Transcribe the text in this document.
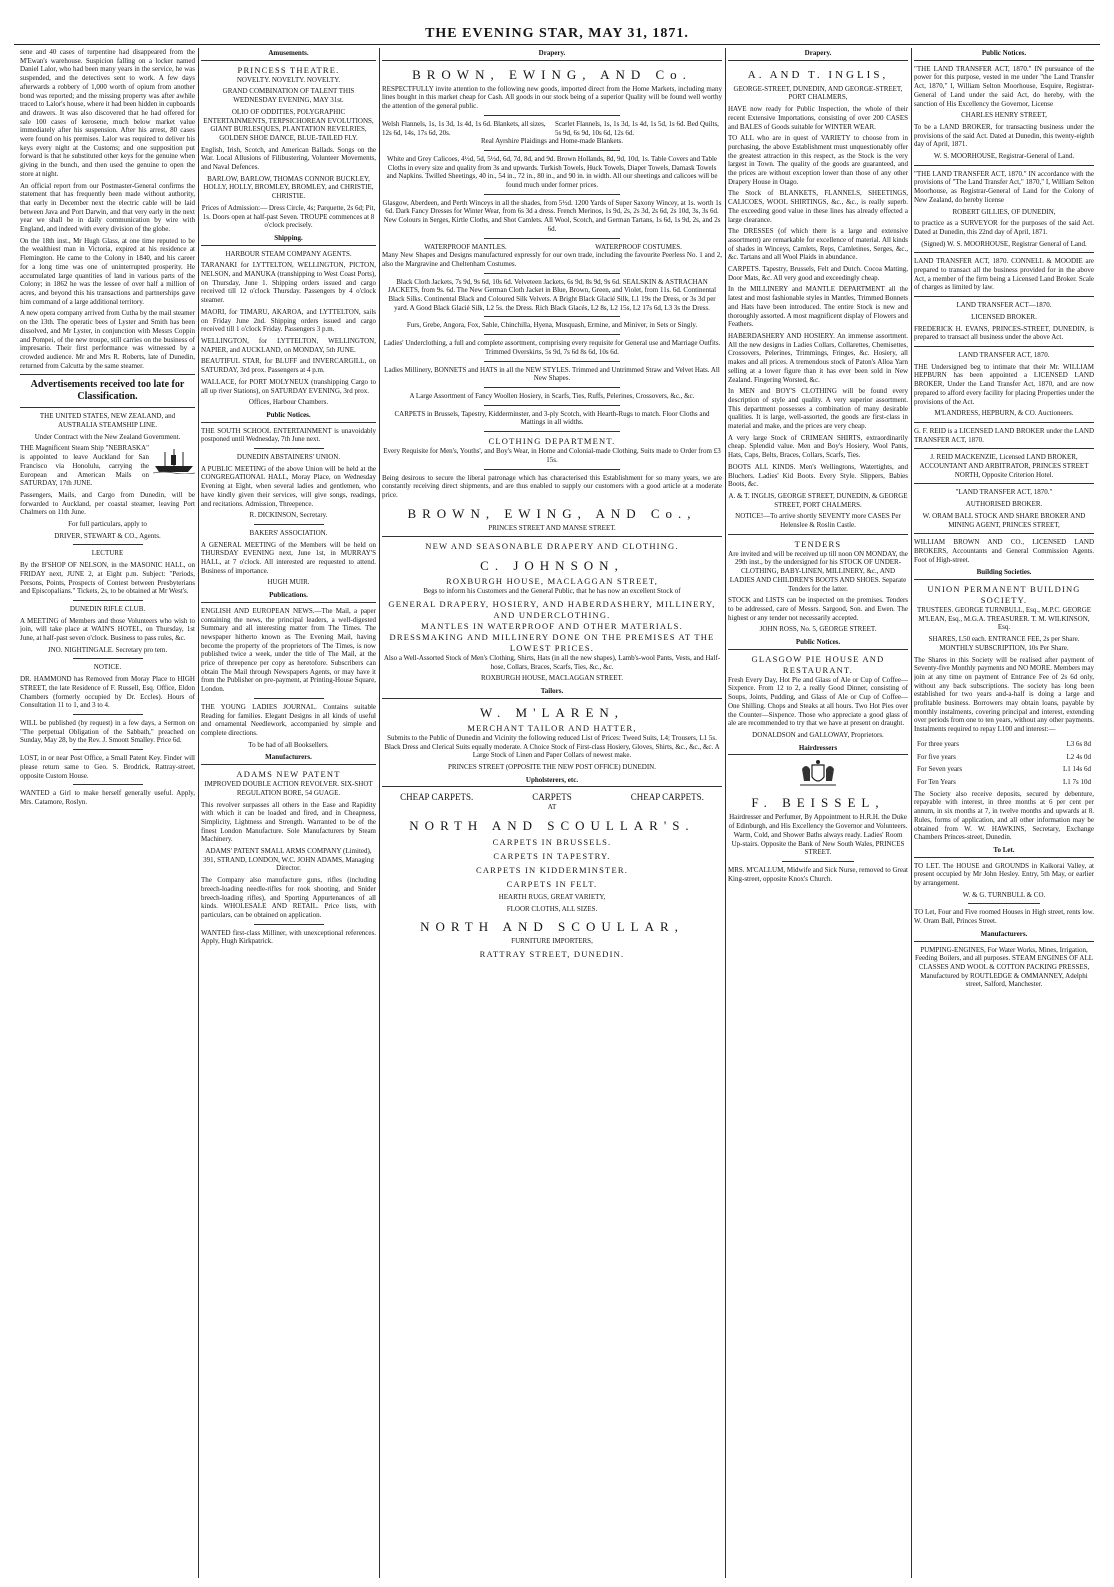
THE EVENING STAR, MAY 31, 1871.

sene and 40 cases of turpentine had disappeared from the M'Ewan's warehouse. Suspicion falling on a locker named Daniel Lalor, who had been many years in the service, he was suspended, and the detectives sent to work. A few days afterwards a robbery of 1,000 worth of opium from another bond was reported; and the missing property was after awhile traced to Lalor's house, where it had been hidden in cupboards and drawers. It was also discovered that he had offered for sale 100 cases of kerosene, much below market value immediately after his suspension. After his arrest, 80 cases were found on his premises. Lalor was required to deliver his keys every night at the Customs; and one supposition put forward is that he substituted other keys for the genuine when giving in the bunch, and then used the genuine to open the store at night.

An official report from our Postmaster-General confirms the statement that has frequently been made without authority, that early in December next the electric cable will be laid between Java and Port Darwin, and that very early in the next year we shall be in daily communication by wire with England, and indeed with every division of the globe.

On the 18th inst., Mr Hugh Glass, at one time reputed to be the wealthiest man in Victoria, expired at his residence at Flemington. He came to the Colony in 1840, and his career for a long time was one of uninterrupted prosperity. He accumulated large quantities of land in various parts of the Colony; in 1862 he was the lessee of over half a million of acres, and beyond this his transactions and partnerships gave him command of a large additional territory.

A new opera company arrived from Cutha by the mail steamer on the 13th. The operatic bees of Lyster and Smith has been dissolved, and Mr Lyster, in conjunction with Messrs Coppin and Pompei, of the new troupe, still carries on the business of impresario. Their first performance was witnessed by a crowded audience. Mr and Mrs R. Roberts, late of Dunedin, returned from Calcutta by the same steamer.

Advertisements received too late for Classification.

THE UNITED STATES, NEW ZEALAND, and AUSTRALIA STEAMSHIP LINE.

Under Contract with the New Zealand Government.

THE Magnificent Steam Ship "NEBRASKA" is appointed to leave Auckland for San Francisco via Honolulu, carrying the European and American Mails on SATURDAY, 17th JUNE.

Passengers, Mails, and Cargo from Dunedin, will be forwarded to Auckland, per coastal steamer, leaving Port Chalmers on 11th June.

For full particulars, apply to

DRIVER, STEWART & CO., Agents.

LECTURE

By the B'SHOP OF NELSON, in the MASONIC HALL, on FRIDAY next, JUNE 2, at Eight p.m. Subject: "Periods, Persons, Points, Prospects of Contest between Presbyterians and Episcopalians." Tickets, 2s, to be obtained at Mr West's.

DUNEDIN RIFLE CLUB.

A MEETING of Members and those Volunteers who wish to join, will take place at WAIN'S HOTEL, on Thursday, 1st June, at half-past seven o'clock. Business to pass rules, &c.

JNO. NIGHTINGALE. Secretary pro tem.

NOTICE.

DR. HAMMOND has Removed from Moray Place to HIGH STREET, the late Residence of F. Russell, Esq. Office, Eldon Chambers (formerly occupied by Dr. Eccles). Hours of Consultation 11 to 1, and 3 to 4.

WILL be published (by request) in a few days, a Sermon on "The perpetual Obligation of the Sabbath," preached on Sunday, May 28, by the Rev. J. Smoott Smalley. Price 6d.

LOST, in or near Post Office, a Small Patent Key. Finder will please return same to Geo. S. Brodrick, Rattray-street, opposite Custom House.

WANTED a Girl to make herself generally useful. Apply, Mrs. Catamore, Roslyn.

Amusements.
PRINCESS THEATRE.

NOVELTY. NOVELTY. NOVELTY.

GRAND COMBINATION OF TALENT THIS WEDNESDAY EVENING, MAY 31st.

OLIO OF ODDITIES, POLYGRAPHIC ENTERTAINMENTS, TERPSICHOREAN EVOLUTIONS, GIANT BURLESQUES, PLANTATION REVELRIES, GOLDEN SHOE DANCE, BLUE-TAILED FLY.

English, Irish, Scotch, and American Ballads. Songs on the War. Local Allusions of Filibustering, Volunteer Movements, and Naval Defences.

BARLOW, BARLOW, THOMAS CONNOR BUCKLEY, HOLLY, HOLLY, BROMLEY, BROMLEY, and CHRISTIE, CHRISTIE.

Prices of Admission:— Dress Circle, 4s; Parquette, 2s 6d; Pit, 1s. Doors open at half-past Seven. TROUPE commences at 8 o'clock precisely.

Shipping.

HARBOUR STEAM COMPANY AGENTS.

TARANAKI for LYTTELTON, WELLINGTON, PICTON, NELSON, and MANUKA (transhipping to West Coast Ports), on Thursday, June 1. Shipping orders issued and cargo received till 12 o'clock Thursday. Passengers by 4 o'clock steamer.

MAORI, for TIMARU, AKAROA, and LYTTELTON, sails on Friday June 2nd. Shipping orders issued and cargo received till 1 o'clock Friday. Passengers 3 p.m.

WELLINGTON, for LYTTELTON, WELLINGTON, NAPIER, and AUCKLAND, on MONDAY, 5th JUNE.

BEAUTIFUL STAR, for BLUFF and INVERCARGILL, on SATURDAY, 3rd prox. Passengers at 4 p.m.

WALLACE, for PORT MOLYNEUX (transhipping Cargo to all up river Stations), on SATURDAY EVENING, 3rd prox.

Offices, Harbour Chambers.

Public Notices.

THE SOUTH SCHOOL ENTERTAINMENT is unavoidably postponed until Wednesday, 7th June next.

DUNEDIN ABSTAINERS' UNION.

A PUBLIC MEETING of the above Union will be held at the CONGREGATIONAL HALL, Moray Place, on Wednesday Evening at Eight, when several ladies and gentlemen, who have kindly given their services, will give songs, readings, and recitations. Admission, Threepence.

R. DICKINSON, Secretary.

BAKERS' ASSOCIATION.

A GENERAL MEETING of the Members will be held on THURSDAY EVENING next, June 1st, in MURRAY'S HALL, at 7 o'clock. All interested are requested to attend. Business of importance.

HUGH MUIR.

Publications.

ENGLISH AND EUROPEAN NEWS.—The Mail, a paper containing the news, the principal leaders, a well-digested Summary and all interesting matter from The Times. The newspaper hitherto known as The Evening Mail, having become the property of the proprietors of The Times, is now published twice a week, under the title of The Mail, at the price of threepence per copy as heretofore. Subscribers can obtain The Mail through Newspapers Agents, or may have it from the Publisher on pre-payment, at Printing-House Square, London.

THE YOUNG LADIES JOURNAL. Contains suitable Reading for families. Elegant Designs in all kinds of useful and ornamental Needlework, accompanied by simple and complete directions.

To be had of all Booksellers.

Manufacturers.
ADAMS NEW PATENT

IMPROVED DOUBLE ACTION REVOLVER. SIX-SHOT REGULATION BORE, 54 GUAGE.

This revolver surpasses all others in the Ease and Rapidity with which it can be loaded and fired, and in Cheapness, Simplicity, Lightness and Strength. Warranted to be of the finest London Manufacture. Sole Manufacturers by Steam Machinery.

ADAMS' PATENT SMALL ARMS COMPANY (Limited), 391, STRAND, LONDON, W.C. JOHN ADAMS, Managing Director.

The Company also manufacture guns, rifles (including breech-loading needle-rifles for rook shooting, and Snider breech-loading rifles), and Sporting Appurtenances of all kinds. WHOLESALE AND RETAIL. Price lists, with particulars, can be obtained on application.

WANTED first-class Milliner, with unexceptional references. Apply, Hugh Kirkpatrick.

Drapery.
BROWN, EWING, AND Co.

RESPECTFULLY invite attention to the following new goods, imported direct from the Home Markets, including many lines bought in this market cheap for Cash. All goods in our stock being of a superior Quality will be found well worthy the attention of the general public.

Welsh Flannels, 1s, 1s 3d, 1s 4d, 1s 6d. Blankets, all sizes, 12s 6d, 14s, 17s 6d, 20s.
Scarlet Flannels, 1s, 1s 3d, 1s 4d, 1s 5d, 1s 6d. Bed Quilts, 5s 9d, 6s 9d, 10s 6d, 12s 6d.

Real Ayrshire Plaidings and Home-made Blankets.

White and Grey Calicoes, 4½d, 5d, 5½d, 6d, 7d, 8d, and 9d. Brown Hollands, 8d, 9d, 10d, 1s. Table Covers and Table Cloths in every size and quality from 3s and upwards. Turkish Towels, Huck Towels, Diaper Towels, Damask Towels and Napkins. Twilled Sheetings, 40 in., 54 in., 72 in., 80 in., and 90 in. in width. All our sheetings and calicoes will be found much under former prices.

Glasgow, Aberdeen, and Perth Winceys in all the shades, from 5½d. 1200 Yards of Super Saxony Wincey, at 1s. worth 1s 6d. Dark Fancy Dresses for Winter Wear, from 6s 3d a dress. French Merinos, 1s 9d, 2s, 2s 3d, 2s 6d, 2s 10d, 3s, 3s 6d. New Colours in Serges, Kirtle Cloths, and Shot Camlets. All Wool, Scotch, and German Tartans, 1s 6d, 1s 9d, 2s, and 2s 6d.

WATERPROOF MANTLES.	WATERPROOF COSTUMES.

Many New Shapes and Designs manufactured expressly for our own trade, including the favourite Peerless No. 1 and 2, also the Margravine and Cheltenham Costumes.

Black Cloth Jackets, 7s 9d, 9s 6d, 10s 6d. Velveteen Jackets, 6s 9d, 8s 9d, 9s 6d. SEALSKIN & ASTRACHAN JACKETS, from 9s. 6d. The New German Cloth Jacket in Blue, Brown, Green, and Violet, from 11s. 6d. Continental Black Silks. Continental Black and Coloured Silk Velvets. A Bright Black Glacié Silk, L1 19s the Dress, or 3s 3d per yard. A Good Black Glacié Silk, L2 5s. the Dress. Rich Black Glacés, L2 8s, L2 15s, L2 17s 6d, L3 3s the Dress.

Furs, Grebe, Angora, Fox, Sable, Chinchilla, Hyena, Musquash, Ermine, and Miniver, in Sets or Singly.

Ladies' Underclothing, a full and complete assortment, comprising every requisite for General use and Marriage Outfits. Trimmed Overskirts, 5s 9d, 7s 6d 8s 6d, 10s 6d.

Ladies Millinery, BONNETS and HATS in all the NEW STYLES. Trimmed and Untrimmed Straw and Velvet Hats. All New Shapes.

A Large Assortment of Fancy Woollen Hosiery, in Scarfs, Ties, Ruffs, Pelerines, Crossovers, &c., &c.

CARPETS in Brussels, Tapestry, Kidderminster, and 3-ply Scotch, with Hearth-Rugs to match. Floor Cloths and Mattings in all widths.

CLOTHING DEPARTMENT.

Every Requisite for Men's, Youths', and Boy's Wear, in Home and Colonial-made Clothing, Suits made to Order from £3 15s.

Being desirous to secure the liberal patronage which has characterised this Establishment for so many years, we are constantly receiving direct shipments, and are thus enabled to supply our customers with a good article at a moderate price.

BROWN, EWING, AND Co.,

PRINCES STREET AND MANSE STREET.

NEW AND SEASONABLE DRAPERY AND CLOTHING.
C. JOHNSON,
ROXBURGH HOUSE, MACLAGGAN STREET,

Begs to inform his Customers and the General Public, that he has now an excellent Stock of

GENERAL DRAPERY, HOSIERY, AND HABERDASHERY, MILLINERY, AND UNDERCLOTHING.
MANTLES IN WATERPROOF AND OTHER MATERIALS.
DRESSMAKING AND MILLINERY DONE ON THE PREMISES AT THE LOWEST PRICES.

Also a Well-Assorted Stock of Men's Clothing, Shirts, Hats (in all the new shapes), Lamb's-wool Pants, Vests, and Half-hose, Collars, Braces, Scarfs, Ties, &c., &c.

ROXBURGH HOUSE, MACLAGGAN STREET.

Tailors.
W. M'LAREN,
MERCHANT TAILOR AND HATTER,

Submits to the Public of Dunedin and Vicinity the following reduced List of Prices: Tweed Suits, L4; Trousers, L1 5s. Black Dress and Clerical Suits equally moderate. A Choice Stock of First-class Hosiery, Gloves, Shirts, &c., &c., &c. A Large Stock of Linen and Paper Collars of newest make.

PRINCES STREET (OPPOSITE THE NEW POST OFFICE) DUNEDIN.

Upholsterers, etc.
CHEAP CARPETS.	CARPETS	CHEAP CARPETS.

AT

NORTH AND SCOULLAR'S.
CARPETS IN BRUSSELS.
CARPETS IN TAPESTRY.
CARPETS IN KIDDERMINSTER.
CARPETS IN FELT.

HEARTH RUGS, GREAT VARIETY,

FLOOR CLOTHS, ALL SIZES.

NORTH AND SCOULLAR,

FURNITURE IMPORTERS,

RATTRAY STREET, DUNEDIN.
Drapery.
A. AND T. INGLIS,

GEORGE-STREET, DUNEDIN, AND GEORGE-STREET, PORT CHALMERS,

HAVE now ready for Public Inspection, the whole of their recent Extensive Importations, consisting of over 200 CASES and BALES of Goods suitable for WINTER WEAR.

TO ALL who are in quest of VARIETY to choose from in purchasing, the above Establishment must unquestionably offer the greatest attraction in this respect, as the Stock is the very largest in Town. The quality of the goods are guaranteed, and the prices are without exception lower than those of any other Drapery House in Otago.

The Stock of BLANKETS, FLANNELS, SHEETINGS, CALICOES, WOOL SHIRTINGS, &c., &c., is really superb. The exceeding good value in these lines has already effected a large clearance.

The DRESSES (of which there is a large and extensive assortment) are remarkable for excellence of material. All kinds of shades in Winceys, Camlets, Reps, Camletines, Serges, &c., &c. Tartans and all Wool Plaids in abundance.

CARPETS. Tapestry, Brussels, Felt and Dutch. Cocoa Matting, Door Mats, &c. All very good and exceedingly cheap.

In the MILLINERY and MANTLE DEPARTMENT all the latest and most fashionable styles in Mantles, Trimmed Bonnets and Hats have been introduced. The entire Stock is new and thoroughly assorted. A most magnificent display of Flowers and Feathers.

HABERDASHERY AND HOSIERY. An immense assortment. All the new designs in Ladies Collars, Collarettes, Chemisettes, Crossovers, Pelerines, Trimmings, Fringes, &c. Hosiery, all makes and all prices. A tremendous stock of Paton's Alloa Yarn selling at a lower figure than it has ever been sold in New Zealand. Fingering Worsted, &c.

In MEN and BOY'S CLOTHING will be found every description of style and quality. A very superior assortment. This department possesses a combination of many desirable qualities. It is large, well-assorted, the goods are first-class in material and make, and the prices are very cheap.

A very large Stock of CRIMEAN SHIRTS, extraordinarily cheap. Splendid value. Men and Boy's Hosiery, Wool Pants, Hats, Caps, Belts, Braces, Collars, Scarfs, Ties.

BOOTS ALL KINDS. Men's Wellingtons, Watertights, and Bluchers. Ladies' Kid Boots. Every Style. Slippers, Babies Boots, &c.

A. & T. INGLIS, GEORGE STREET, DUNEDIN, & GEORGE STREET, PORT CHALMERS.

NOTICE!—To arrive shortly SEVENTY more CASES Per Helenslee & Roslin Castle.

TENDERS

Are invited and will be received up till noon ON MONDAY, the 29th inst., by the undersigned for his STOCK OF UNDER-CLOTHING, BABY-LINEN, MILLINERY, &c., AND LADIES AND CHILDREN'S BOOTS AND SHOES. Separate Tenders for the latter.

STOCK and LISTS can be inspected on the premises. Tenders to be addressed, care of Messrs. Sargood, Son. and Ewen. The highest or any tender not necessarily accepted.

JOHN ROSS, No. 5, GEORGE STREET.

Public Notices.
GLASGOW PIE HOUSE AND RESTAURANT.

Fresh Every Day, Hot Pie and Glass of Ale or Cup of Coffee—Sixpence. From 12 to 2, a really Good Dinner, consisting of Soups, Joints, Pudding, and Glass of Ale or Cup of Coffee—One Shilling. Chops and Steaks at all hours. Two Hot Pies over the Counter—Sixpence. Those who appreciate a good glass of ale are recommended to try that we have at present on draught.

DONALDSON and GALLOWAY, Proprietors.

Hairdressers
F. BEISSEL,

Hairdresser and Perfumer, By Appointment to H.R.H. the Duke of Edinburgh, and His Excellency the Governor and Volunteers. Warm, Cold, and Shower Baths always ready. Ladies' Room Up-stairs. Opposite the Bank of New South Wales, PRINCES STREET.

MRS. M'CALLUM, Midwife and Sick Nurse, removed to Great King-street, opposite Knox's Church.

Public Notices.

"THE LAND TRANSFER ACT, 1870." IN pursuance of the power for this purpose, vested in me under "the Land Transfer Act, 1870," I, William Selton Moorhouse, Esquire, Registrar-General of Land under the said Act, do hereby, with the sanction of His Excellency the Governor, License

CHARLES HENRY STREET,

To be a LAND BROKER, for transacting business under the provisions of the said Act. Dated at Dunedin, this twenty-eighth day of April, 1871.

W. S. MOORHOUSE, Registrar-General of Land.

"THE LAND TRANSFER ACT, 1870." IN accordance with the provisions of "The Land Transfer Act," 1870," I, William Selton Moorhouse, as Registrar-General of Land for the Colony of New Zealand, do hereby license

ROBERT GILLIES, OF DUNEDIN,

to practice as a SURVEYOR for the purposes of the said Act. Dated at Dunedin, this 22nd day of April, 1871.

(Signed) W. S. MOORHOUSE, Registrar General of Land.

LAND TRANSFER ACT, 1870. CONNELL & MOODIE are prepared to transact all the business provided for in the above Act, a member of the firm being a Licensed Land Broker. Scale of charges as limited by law.

LAND TRANSFER ACT—1870.

LICENSED BROKER.

FREDERICK H. EVANS, PRINCES-STREET, DUNEDIN, is prepared to transact all business under the above Act.

LAND TRANSFER ACT, 1870.

THE Undersigned beg to intimate that their Mr. WILLIAM HEPBURN has been appointed a LICENSED LAND BROKER, Under the Land Transfer Act, 1870, and are now prepared to afford every facility for placing Properties under the provisions of the Act.

M'LANDRESS, HEPBURN, & CO. Auctioneers.

G. F. REID is a LICENSED LAND BROKER under the LAND TRANSFER ACT, 1870.

J. REID MACKENZIE, Licensed LAND BROKER, ACCOUNTANT AND ARBITRATOR, PRINCES STREET NORTH, Opposite Criterion Hotel.

"LAND TRANSFER ACT, 1870."

AUTHORISED BROKER.

W. ORAM BALL STOCK AND SHARE BROKER AND MINING AGENT, PRINCES STREET,

WILLIAM BROWN AND CO., LICENSED LAND BROKERS, Accountants and General Commission Agents. Foot of High-street.

Building Societies.
UNION PERMANENT BUILDING SOCIETY.

TRUSTEES. GEORGE TURNBULL, Esq., M.P.C. GEORGE M'LEAN, Esq., M.G.A. TREASURER. T. M. WILKINSON, Esq.

SHARES, L50 each. ENTRANCE FEE, 2s per Share. MONTHLY SUBSCRIPTION, 10s Per Share.

The Shares in this Society will be realised after payment of Seventy-five Monthly payments and NO MORE. Members may join at any time on payment of Entrance Fee of 2s 6d only, without any back subscriptions. The society has long been established for two years and-a-half is doing a large and profitable business. Borrowers may obtain loans, payable by monthly instalments, covering principal and interest, extending over periods from one to ten years, without any other payments. Instalments required to repay L100 and interest:—

For three years	L3 6s 8d
For five years	L2 4s 0d
For Seven years	L1 14s 6d
For Ten Years	L1 7s 10d

The Society also receive deposits, secured by debenture, repayable with interest, in three months at 6 per cent per annum, in six months at 7, in twelve months and upwards at 8. Rules, forms of application, and all other information may be obtained from W. W. HAWKINS, Secretary, Exchange Chambers Princes-street, Dunedin.

To Let.

TO LET. The HOUSE and GROUNDS in Kaikorai Valley, at present occupied by Mr John Hesley. Entry, 5th May, or earlier by arrangement.

W. & G. TURNBULL & CO.

TO Let, Four and Five roomed Houses in High street, rents low. W. Oram Ball, Princes Street.

Manufacturers.

PUMPING-ENGINES, For Water Works, Mines, Irrigation, Feeding Boilers, and all purposes. STEAM ENGINES OF ALL CLASSES AND WOOL & COTTON PACKING PRESSES, Manufactured by ROUTLEDGE & OMMANNEY, Adelphi street, Salford, Manchester.
